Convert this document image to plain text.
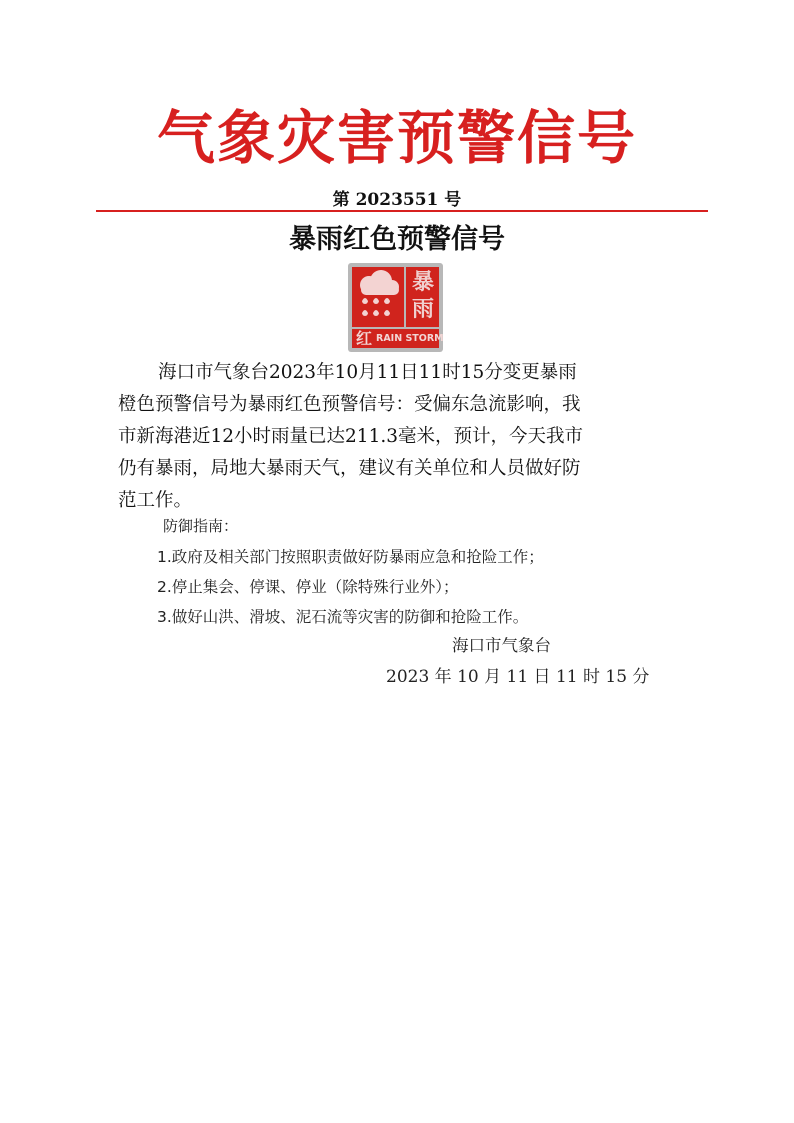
气象灾害预警信号
第 2023551 号
暴雨红色预警信号
暴
雨
红 RAIN STORM
海口市气象台2023年10月11日11时15分变更暴雨
橙色预警信号为暴雨红色预警信号：受偏东急流影响，我
市新海港近12小时雨量已达211.3毫米，预计，今天我市
仍有暴雨，局地大暴雨天气，建议有关单位和人员做好防
范工作。
防御指南：
1.政府及相关部门按照职责做好防暴雨应急和抢险工作；
2.停止集会、停课、停业（除特殊行业外）；
3.做好山洪、滑坡、泥石流等灾害的防御和抢险工作。
海口市气象台
2023 年 10 月 11 日 11 时 15 分
